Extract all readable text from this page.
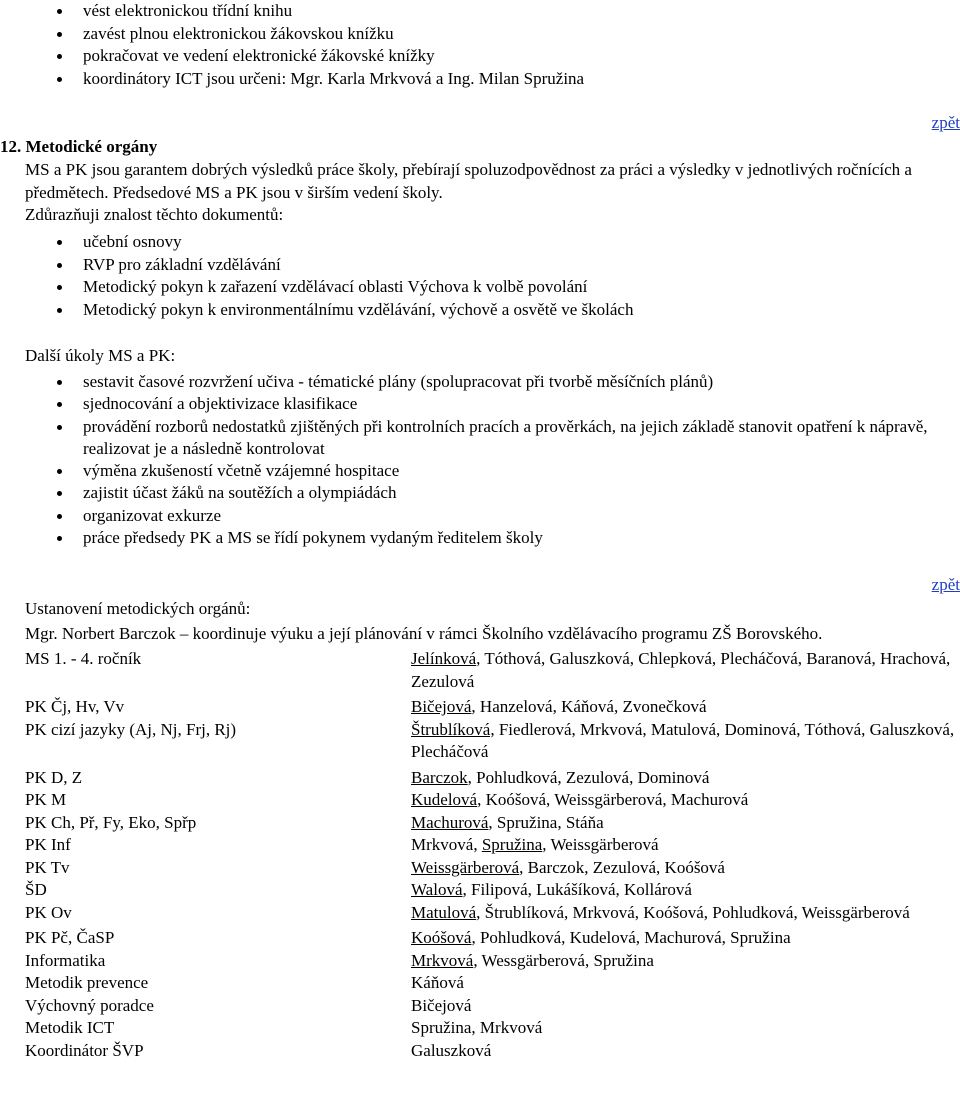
vést elektronickou třídní knihu
zavést plnou elektronickou žákovskou knížku
pokračovat ve vedení elektronické žákovské knížky
koordinátory ICT jsou určeni: Mgr. Karla Mrkvová a Ing. Milan Spružina
zpět
12. Metodické orgány

MS a PK jsou garantem dobrých výsledků práce školy, přebírají spoluzodpovědnost za práci a výsledky v jednotlivých ročnících a předmětech. Předsedové MS a PK jsou v širším vedení školy.

Zdůrazňuji znalost těchto dokumentů:

učební osnovy
RVP pro základní vzdělávání
Metodický pokyn k zařazení vzdělávací oblasti Výchova k volbě povolání
Metodický pokyn k environmentálnímu vzdělávání, výchově a osvětě ve školách
Další úkoly MS a PK:
sestavit časové rozvržení učiva - tématické plány (spolupracovat při tvorbě měsíčních plánů)
sjednocování a objektivizace klasifikace
provádění rozborů nedostatků zjištěných při kontrolních pracích a prověrkách, na jejich základě stanovit opatření k nápravě, realizovat je a následně kontrolovat
výměna zkušeností včetně vzájemné hospitace
zajistit účast žáků na soutěžích a olympiádách
organizovat exkurze
práce předsedy PK a MS se řídí pokynem vydaným ředitelem školy
zpět
Ustanovení metodických orgánů:
Mgr. Norbert Barczok – koordinuje výuku a její plánování v rámci Školního vzdělávacího programu ZŠ Borovského.
MS 1. - 4. ročník	Jelínková, Tóthová, Galuszková, Chlepková, Plecháčová, Baranová, Hrachová, Zezulová
PK Čj, Hv, Vv	Bičejová, Hanzelová, Káňová, Zvonečková
PK cizí jazyky (Aj, Nj, Frj, Rj)	Štrublíková, Fiedlerová, Mrkvová, Matulová, Dominová, Tóthová, Galuszková, Plecháčová
PK D, Z	Barczok, Pohludková, Zezulová, Dominová
PK M	Kudelová, Koóšová, Weissgärberová, Machurová
PK Ch, Př, Fy, Eko, Spřp	Machurová, Spružina, Stáňa
PK Inf	Mrkvová, Spružina, Weissgärberová
PK Tv	Weissgärberová, Barczok, Zezulová, Koóšová
ŠD	Walová, Filipová, Lukášíková, Kollárová
PK Ov	Matulová, Štrublíková, Mrkvová, Koóšová, Pohludková, Weissgärberová
PK Pč, ČaSP	Koóšová, Pohludková, Kudelová, Machurová, Spružina
Informatika	Mrkvová, Wessgärberová, Spružina
Metodik prevence	Káňová
Výchovný poradce	Bičejová
Metodik ICT	Spružina, Mrkvová
Koordinátor ŠVP	Galuszková
